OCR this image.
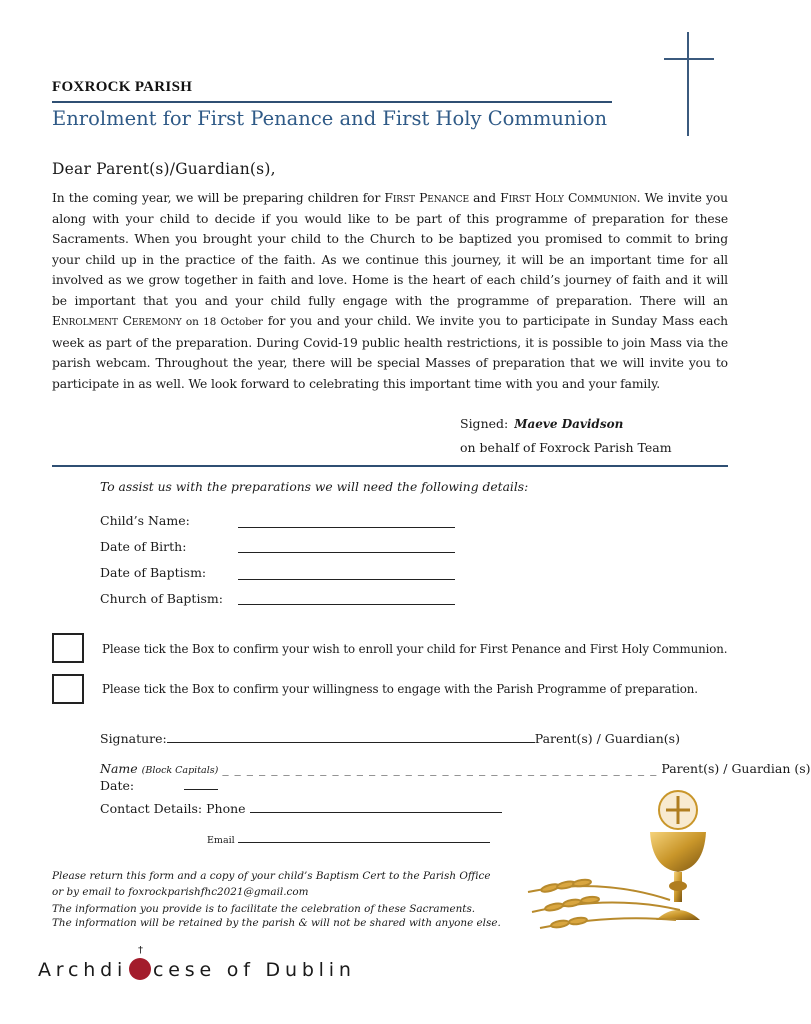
FOXROCK PARISH
Enrolment for First Penance and First Holy Communion
Dear Parent(s)/Guardian(s),
In the coming year, we will be preparing children for First Penance and First Holy Communion. We invite you along with your child to decide if you would like to be part of this programme of preparation for these Sacraments. When you brought your child to the Church to be baptized you promised to commit to bring your child up in the practice of the faith. As we continue this journey, it will be an important time for all involved as we grow together in faith and love. Home is the heart of each child’s journey of faith and it will be important that you and your child fully engage with the programme of preparation. There will an Enrolment Ceremony on 18 October for you and your child. We invite you to participate in Sunday Mass each week as part of the preparation. During Covid-19 public health restrictions, it is possible to join Mass via the parish webcam. Throughout the year, there will be special Masses of preparation that we will invite you to participate in as well. We look forward to celebrating this important time with you and your family.
Signed: Maeve Davidson
on behalf of Foxrock Parish Team
To assist us with the preparations we will need the following details:
Child’s Name:
Date of Birth:
Date of Baptism:
Church of Baptism:
Please tick the Box to confirm your wish to enroll your child for First Penance and First Holy Communion.
Please tick the Box to confirm your willingness to engage with the Parish Programme of preparation.
Signature:	Parent(s) / Guardian(s)
Name (Block Capitals) _ _ _ _ _ _ _ _ _ _ _ _ _ _ _ _ _ _ _ _ _ _ _ _ _ _ _ _ _ _ _ _ _ _ _ _ Parent(s) / Guardian (s)
Date:
Contact Details: Phone
Email
Please return this form and a copy of your child’s Baptism Cert to the Parish Office
or by email to foxrockparishfhc2021@gmail.com
The information you provide is to facilitate the celebration of these Sacraments.
The information will be retained by the parish & will not be shared with anyone else.
Archdi
†
cese of Dublin
